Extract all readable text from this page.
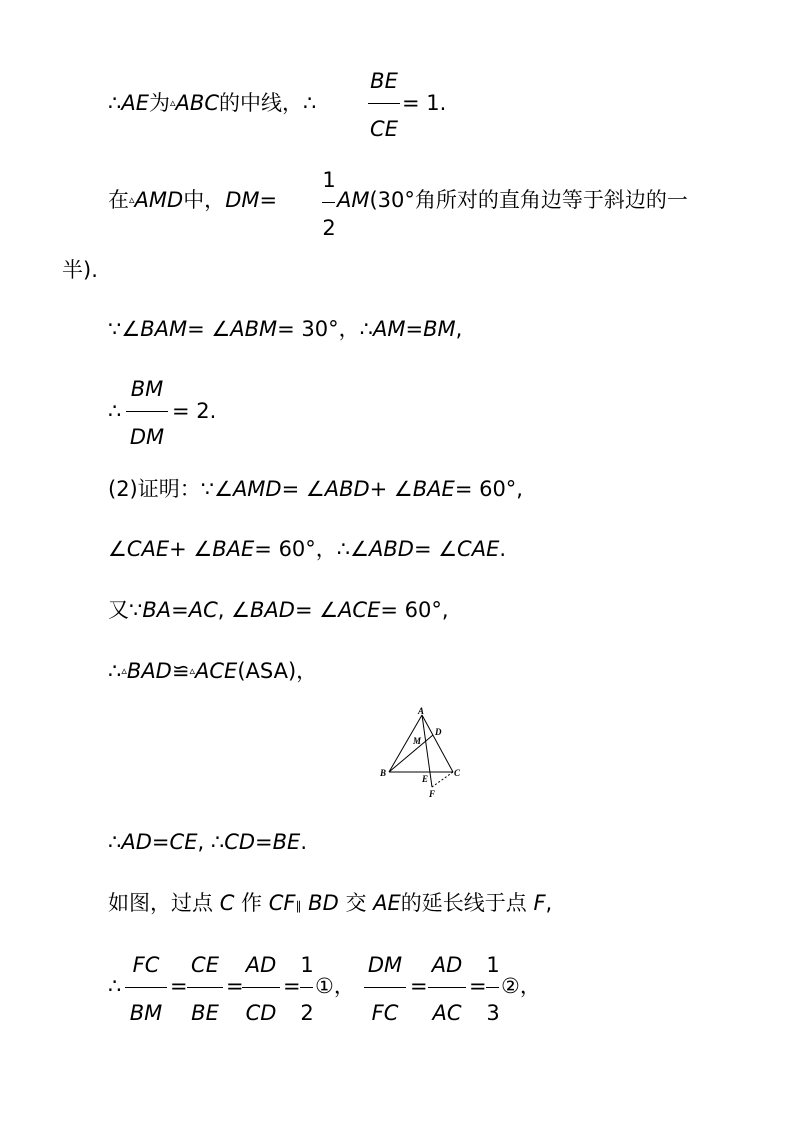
∴AE为▵ABC的中线，∴
BE
CE
= 1.
在▵AMD中，DM=
1
2
AM(30°角所对的直角边等于斜边的一
半).
∵∠BAM= ∠ABM= 30°，∴AM=BM,
∴
BM
DM
= 2.
(2)证明：∵∠AMD= ∠ABD+ ∠BAE= 60°,
∠CAE+ ∠BAE= 60°，∴∠ABD= ∠CAE.
又∵BA=AC, ∠BAD= ∠ACE= 60°,
∴▵BAD≌▵ACE(ASA)，
A
B	C
D
M
E
F
∴AD=CE, ∴CD=BE.
如图，过点 C 作 CF∥ BD 交 AE的延长线于点 F,
∴
FC
BM
=
CE
BE
=
AD
CD
=
1
2
①，
DM
FC
=
AD
AC
=
1
3
②，
